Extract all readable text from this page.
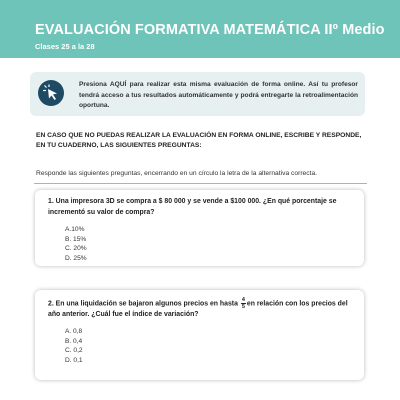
EVALUACIÓN FORMATIVA MATEMÁTICA IIº Medio
Clases 25 a la 28
Presiona AQUÍ para realizar esta misma evaluación de forma online. Así tu profesor tendrá acceso a tus resultados automáticamente y podrá entregarte la retroalimentación oportuna.
EN CASO QUE NO PUEDAS REALIZAR LA EVALUACIÓN EN FORMA ONLINE, ESCRIBE Y RESPONDE, EN TU CUADERNO, LAS SIGUIENTES PREGUNTAS:
Responde las siguientes preguntas, encerrando en un círculo la letra de la alternativa correcta.
1. Una impresora 3D se compra a $ 80 000 y se vende a $100 000. ¿En qué porcentaje se incrementó su valor de compra?
A.10%
B. 15%
C. 20%
D. 25%
2. En una liquidación se bajaron algunos precios en hasta $\frac{4}{5}$ en relación con los precios del año anterior. ¿Cuál fue el índice de variación?
A. 0,8
B. 0,4
C. 0,2
D. 0,1
